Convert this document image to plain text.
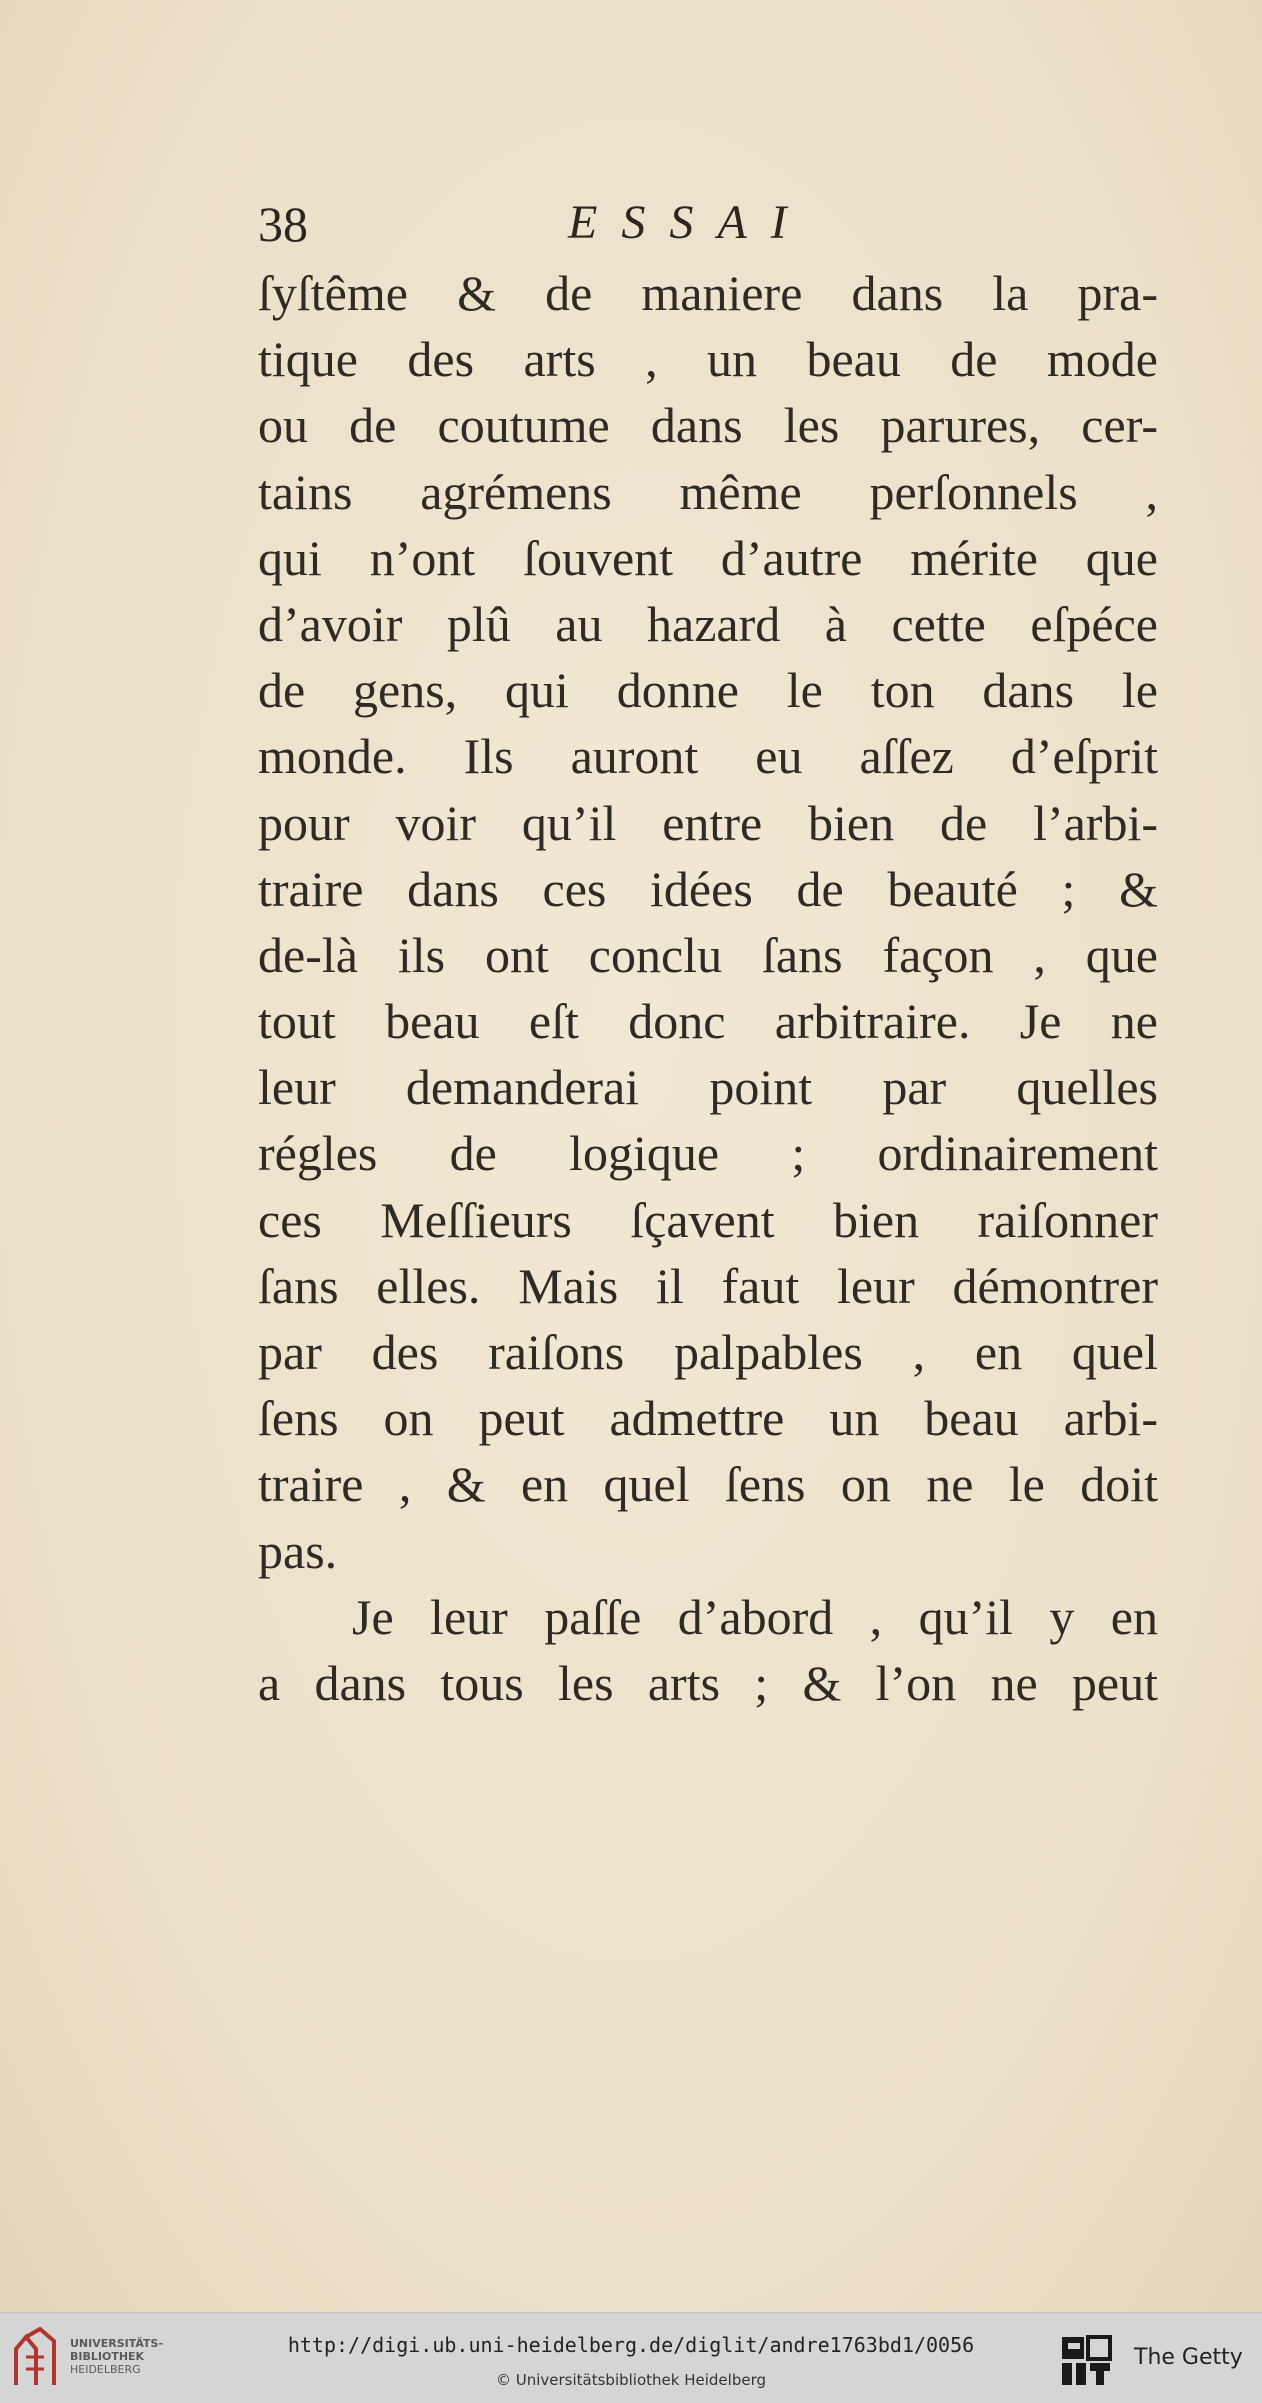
38	ESSAI
ſyſtême & de maniere dans la pra-
tique des arts , un beau de mode
ou de coutume dans les parures, cer-
tains agrémens même perſonnels ,
qui n’ont ſouvent d’autre mérite que
d’avoir plû au hazard à cette eſpéce
de gens, qui donne le ton dans le
monde. Ils auront eu aſſez d’eſprit
pour voir qu’il entre bien de l’arbi-
traire dans ces idées de beauté ; &
de-là ils ont conclu ſans façon , que
tout beau eſt donc arbitraire. Je ne
leur demanderai point par quelles
régles de logique ; ordinairement
ces Meſſieurs ſçavent bien raiſonner
ſans elles. Mais il faut leur démontrer
par des raiſons palpables , en quel
ſens on peut admettre un beau arbi-
traire , & en quel ſens on ne le doit
pas.
Je leur paſſe d’abord , qu’il y en
a dans tous les arts ; & l’on ne peut
UNIVERSITÄTS-
BIBLIOTHEK
HEIDELBERG
http://digi.ub.uni-heidelberg.de/diglit/andre1763bd1/0056
© Universitätsbibliothek Heidelberg
The Getty
